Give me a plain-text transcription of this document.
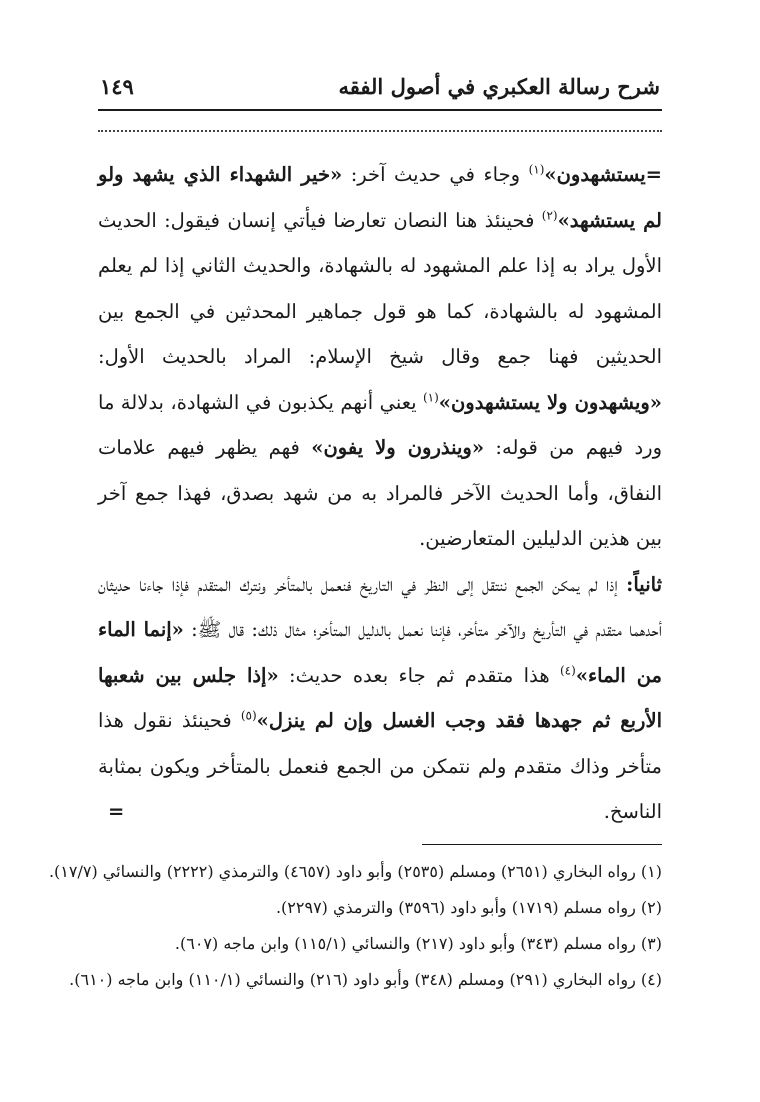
شرح رسالة العكبري في أصول الفقه
١٤٩

=يستشهدون»$^{(١)}$ وجاء في حديث آخر: «خير الشهداء الذي يشهد ولو لم يستشهد»$^{(٢)}$ فحينئذ هنا النصان تعارضا فيأتي إنسان فيقول: الحديث الأول يراد به إذا علم المشهود له بالشهادة، والحديث الثاني إذا لم يعلم المشهود له بالشهادة، كما هو قول جماهير المحدثين في الجمع بين الحديثين فهنا جمع وقال شيخ الإسلام: المراد بالحديث الأول: «ويشهدون ولا يستشهدون»$^{(١)}$ يعني أنهم يكذبون في الشهادة، بدلالة ما ورد فيهم من قوله: «وينذرون ولا يفون» فهم يظهر فيهم علامات النفاق، وأما الحديث الآخر فالمراد به من شهد بصدق، فهذا جمع آخر بين هذين الدليلين المتعارضين.

ثانياً: إذا لم يمكن الجمع ننتقل إلى النظر في التاريخ فنعمل بالمتأخر ونترك المتقدم فإذا جاءنا حديثان أحدهما متقدم في التأريخ والآخر متأخر، فإننا نعمل بالدليل المتأخر؛ مثال ذلك: قال ﷺ: «إنما الماء من الماء»$^{(٤)}$ هذا متقدم ثم جاء بعده حديث: «إذا جلس بين شعبها الأربع ثم جهدها فقد وجب الغسل وإن لم ينزل»$^{(٥)}$ فحينئذ نقول هذا متأخر وذاك متقدم ولم نتمكن من الجمع فنعمل بالمتأخر ويكون بمثابة الناسخ.
=

(١) رواه البخاري (٢٦٥١) ومسلم (٢٥٣٥) وأبو داود (٤٦٥٧) والترمذي (٢٢٢٢) والنسائي (١٧/٧).

(٢) رواه مسلم (١٧١٩) وأبو داود (٣٥٩٦) والترمذي (٢٢٩٧).

(٣) رواه مسلم (٣٤٣) وأبو داود (٢١٧) والنسائي (١١٥/١) وابن ماجه (٦٠٧).

(٤) رواه البخاري (٢٩١) ومسلم (٣٤٨) وأبو داود (٢١٦) والنسائي (١١٠/١) وابن ماجه (٦١٠).
